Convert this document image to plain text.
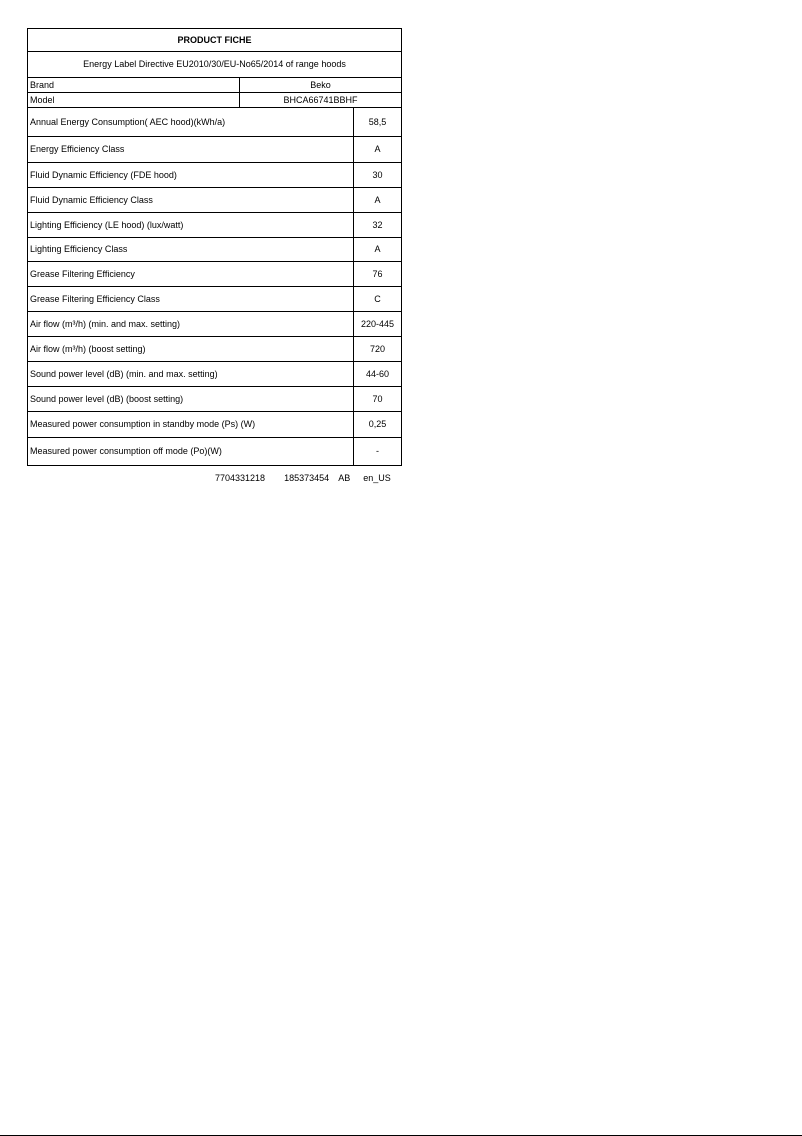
PRODUCT FICHE		
Energy Label Directive EU2010/30/EU-No65/2014 of range hoods		
Brand	Beko	
Model	BHCA66741BBHF	
Annual Energy Consumption( AEC hood)(kWh/a)		58,5
Energy Efficiency Class		A
Fluid Dynamic Efficiency (FDE hood)		30
Fluid Dynamic Efficiency Class		A
Lighting Efficiency (LE hood) (lux/watt)		32
Lighting Efficiency Class		A
Grease Filtering Efficiency		76
Grease Filtering Efficiency Class		C
Air flow (m³/h) (min. and max. setting)		220-445
Air flow (m³/h) (boost setting)		720
Sound power level (dB) (min. and max. setting)		44-60
Sound power level (dB) (boost setting)		70
Measured power consumption in standby mode (Ps) (W)		0,25
Measured power consumption off mode (Po)(W)		-
7704331218 185373454 AB en_US
